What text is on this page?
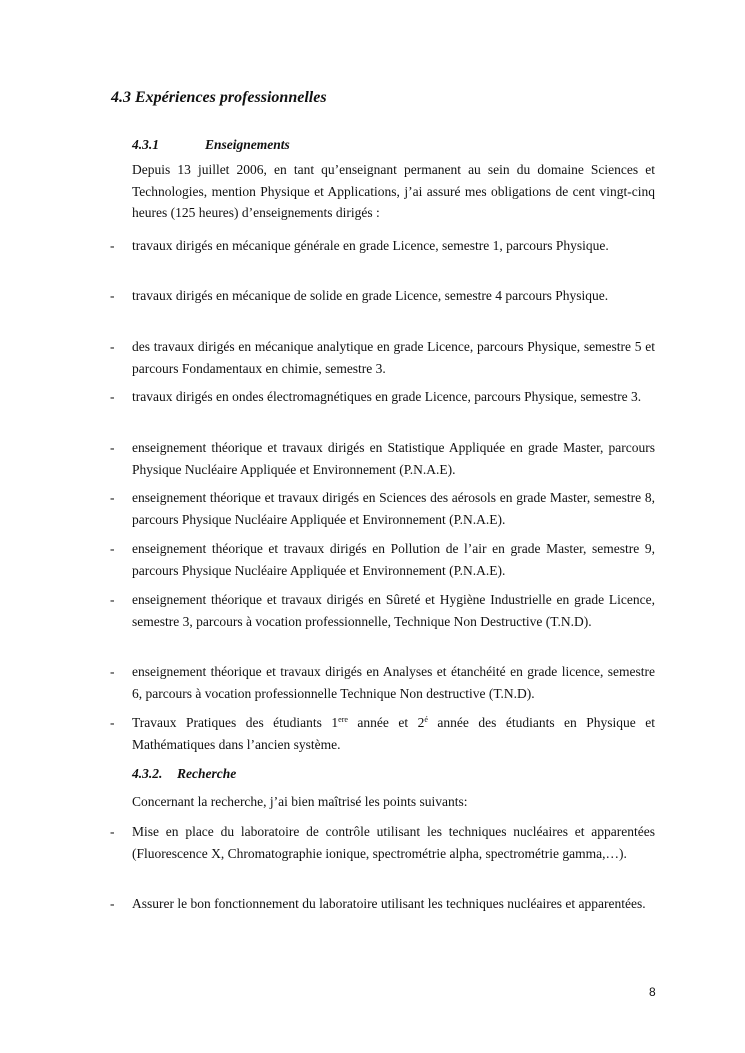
4.3 Expériences professionnelles
4.3.1	Enseignements
Depuis 13 juillet 2006, en tant qu’enseignant permanent au sein du domaine Sciences et Technologies, mention Physique et Applications, j’ai assuré mes obligations de cent vingt-cinq heures (125 heures) d’enseignements dirigés :
- travaux dirigés en mécanique générale en grade Licence, semestre 1, parcours Physique.
- travaux dirigés en mécanique de solide en grade Licence, semestre 4 parcours Physique.
- des travaux dirigés en mécanique analytique en grade Licence, parcours Physique, semestre 5 et parcours Fondamentaux en chimie, semestre 3.
- travaux dirigés en ondes électromagnétiques en grade Licence, parcours Physique, semestre 3.
- enseignement théorique et travaux dirigés en Statistique Appliquée en grade Master, parcours Physique Nucléaire Appliquée et Environnement (P.N.A.E).
- enseignement théorique et travaux dirigés en Sciences des aérosols en grade Master, semestre 8, parcours Physique Nucléaire Appliquée et Environnement (P.N.A.E).
- enseignement théorique et travaux dirigés en Pollution de l’air en grade Master, semestre 9, parcours Physique Nucléaire Appliquée et Environnement (P.N.A.E).
- enseignement théorique et travaux dirigés en Sûreté et Hygiène Industrielle en grade Licence, semestre 3, parcours à vocation professionnelle, Technique Non Destructive (T.N.D).
- enseignement théorique et travaux dirigés en Analyses et étanchéité en grade licence, semestre 6, parcours à vocation professionnelle Technique Non destructive (T.N.D).
- Travaux Pratiques des étudiants 1ere année et $2^é$ année des étudiants en Physique et Mathématiques dans l’ancien système.
4.3.2. Recherche
Concernant la recherche, j’ai bien maîtrisé les points suivants:
- Mise en place du laboratoire de contrôle utilisant les techniques nucléaires et apparentées (Fluorescence X, Chromatographie ionique, spectrométrie alpha, spectrométrie gamma,…).
- Assurer le bon fonctionnement du laboratoire utilisant les techniques nucléaires et apparentées.
8
